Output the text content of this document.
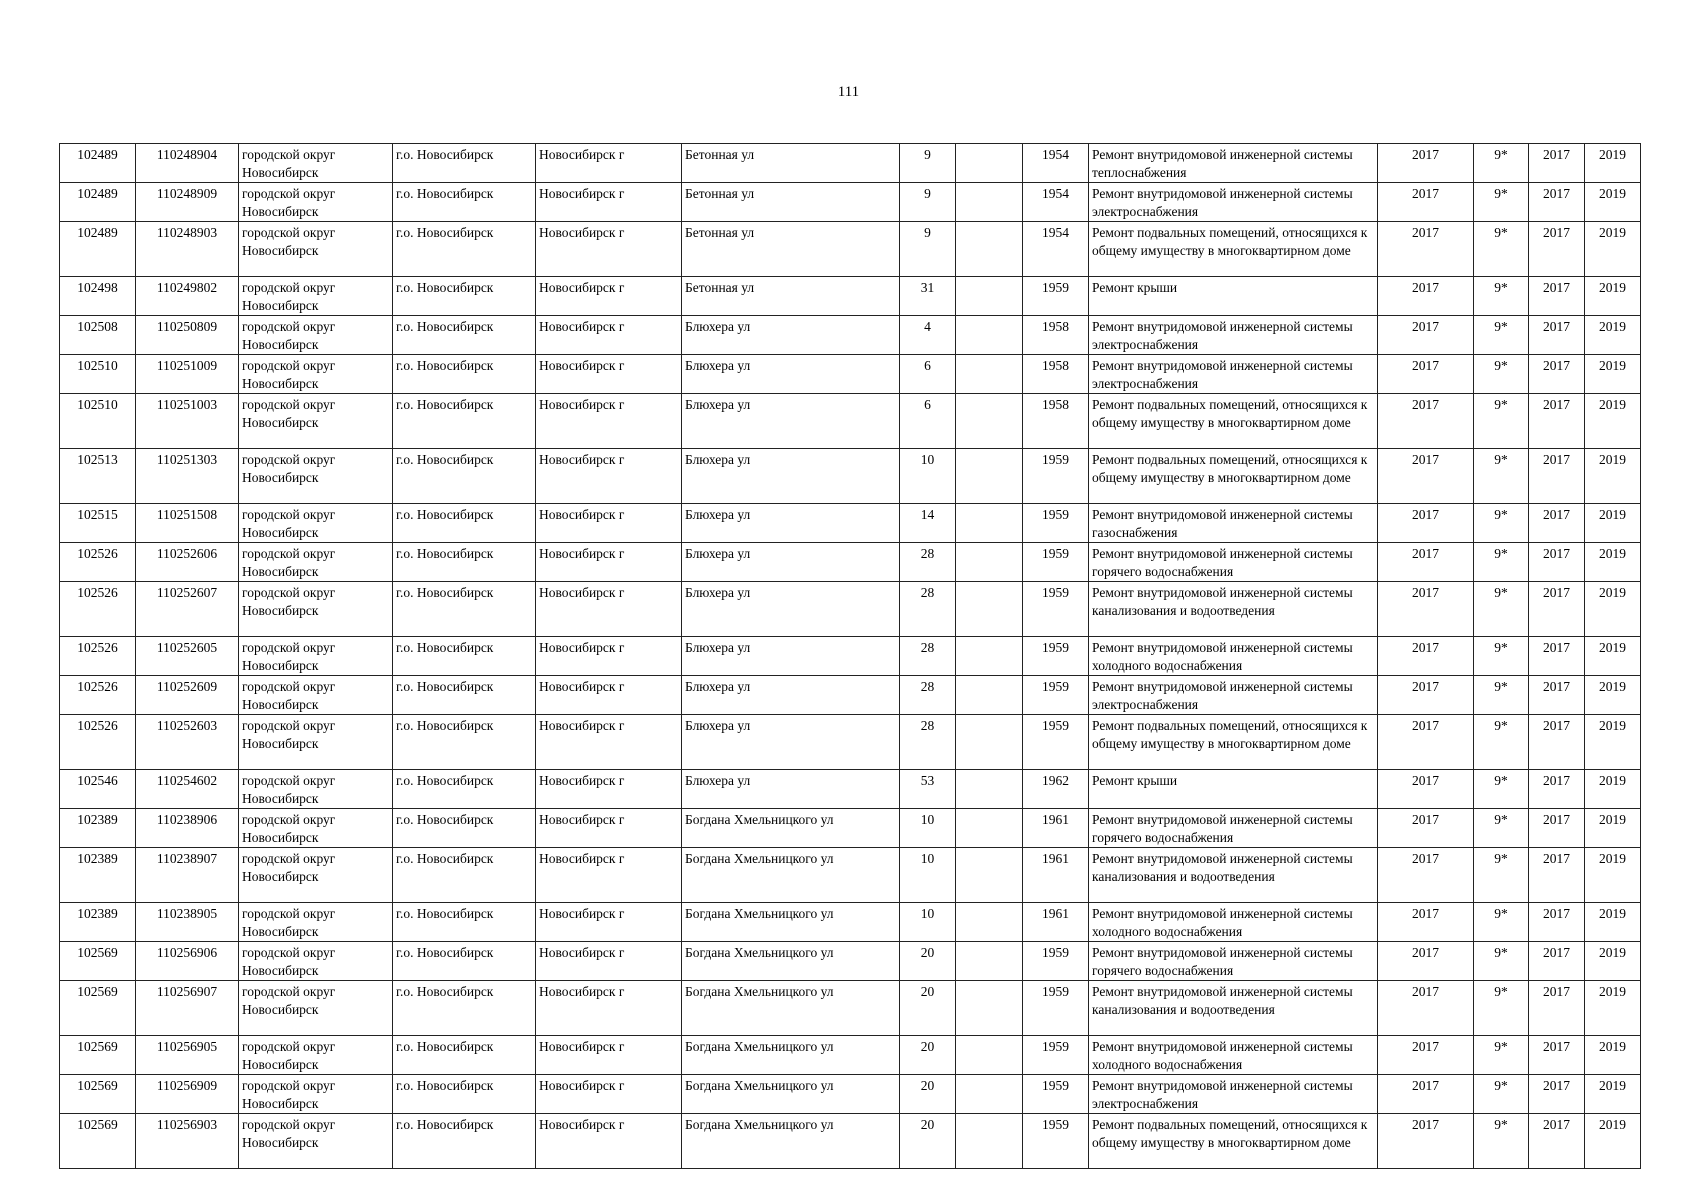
111
102489	110248904	городской округ Новосибирск	г.о. Новосибирск	Новосибирск г	Бетонная ул	9		1954	Ремонт внутридомовой инженерной системы теплоснабжения	2017	9*	2017	2019
102489	110248909	городской округ Новосибирск	г.о. Новосибирск	Новосибирск г	Бетонная ул	9		1954	Ремонт внутридомовой инженерной системы электроснабжения	2017	9*	2017	2019
102489	110248903	городской округ Новосибирск	г.о. Новосибирск	Новосибирск г	Бетонная ул	9		1954	Ремонт подвальных помещений, относящихся к общему имуществу в многоквартирном доме	2017	9*	2017	2019
102498	110249802	городской округ Новосибирск	г.о. Новосибирск	Новосибирск г	Бетонная ул	31		1959	Ремонт крыши	2017	9*	2017	2019
102508	110250809	городской округ Новосибирск	г.о. Новосибирск	Новосибирск г	Блюхера ул	4		1958	Ремонт внутридомовой инженерной системы электроснабжения	2017	9*	2017	2019
102510	110251009	городской округ Новосибирск	г.о. Новосибирск	Новосибирск г	Блюхера ул	6		1958	Ремонт внутридомовой инженерной системы электроснабжения	2017	9*	2017	2019
102510	110251003	городской округ Новосибирск	г.о. Новосибирск	Новосибирск г	Блюхера ул	6		1958	Ремонт подвальных помещений, относящихся к общему имуществу в многоквартирном доме	2017	9*	2017	2019
102513	110251303	городской округ Новосибирск	г.о. Новосибирск	Новосибирск г	Блюхера ул	10		1959	Ремонт подвальных помещений, относящихся к общему имуществу в многоквартирном доме	2017	9*	2017	2019
102515	110251508	городской округ Новосибирск	г.о. Новосибирск	Новосибирск г	Блюхера ул	14		1959	Ремонт внутридомовой инженерной системы газоснабжения	2017	9*	2017	2019
102526	110252606	городской округ Новосибирск	г.о. Новосибирск	Новосибирск г	Блюхера ул	28		1959	Ремонт внутридомовой инженерной системы горячего водоснабжения	2017	9*	2017	2019
102526	110252607	городской округ Новосибирск	г.о. Новосибирск	Новосибирск г	Блюхера ул	28		1959	Ремонт внутридомовой инженерной системы канализования и водоотведения	2017	9*	2017	2019
102526	110252605	городской округ Новосибирск	г.о. Новосибирск	Новосибирск г	Блюхера ул	28		1959	Ремонт внутридомовой инженерной системы холодного водоснабжения	2017	9*	2017	2019
102526	110252609	городской округ Новосибирск	г.о. Новосибирск	Новосибирск г	Блюхера ул	28		1959	Ремонт внутридомовой инженерной системы электроснабжения	2017	9*	2017	2019
102526	110252603	городской округ Новосибирск	г.о. Новосибирск	Новосибирск г	Блюхера ул	28		1959	Ремонт подвальных помещений, относящихся к общему имуществу в многоквартирном доме	2017	9*	2017	2019
102546	110254602	городской округ Новосибирск	г.о. Новосибирск	Новосибирск г	Блюхера ул	53		1962	Ремонт крыши	2017	9*	2017	2019
102389	110238906	городской округ Новосибирск	г.о. Новосибирск	Новосибирск г	Богдана Хмельницкого ул	10		1961	Ремонт внутридомовой инженерной системы горячего водоснабжения	2017	9*	2017	2019
102389	110238907	городской округ Новосибирск	г.о. Новосибирск	Новосибирск г	Богдана Хмельницкого ул	10		1961	Ремонт внутридомовой инженерной системы канализования и водоотведения	2017	9*	2017	2019
102389	110238905	городской округ Новосибирск	г.о. Новосибирск	Новосибирск г	Богдана Хмельницкого ул	10		1961	Ремонт внутридомовой инженерной системы холодного водоснабжения	2017	9*	2017	2019
102569	110256906	городской округ Новосибирск	г.о. Новосибирск	Новосибирск г	Богдана Хмельницкого ул	20		1959	Ремонт внутридомовой инженерной системы горячего водоснабжения	2017	9*	2017	2019
102569	110256907	городской округ Новосибирск	г.о. Новосибирск	Новосибирск г	Богдана Хмельницкого ул	20		1959	Ремонт внутридомовой инженерной системы канализования и водоотведения	2017	9*	2017	2019
102569	110256905	городской округ Новосибирск	г.о. Новосибирск	Новосибирск г	Богдана Хмельницкого ул	20		1959	Ремонт внутридомовой инженерной системы холодного водоснабжения	2017	9*	2017	2019
102569	110256909	городской округ Новосибирск	г.о. Новосибирск	Новосибирск г	Богдана Хмельницкого ул	20		1959	Ремонт внутридомовой инженерной системы электроснабжения	2017	9*	2017	2019
102569	110256903	городской округ Новосибирск	г.о. Новосибирск	Новосибирск г	Богдана Хмельницкого ул	20		1959	Ремонт подвальных помещений, относящихся к общему имуществу в многоквартирном доме	2017	9*	2017	2019
